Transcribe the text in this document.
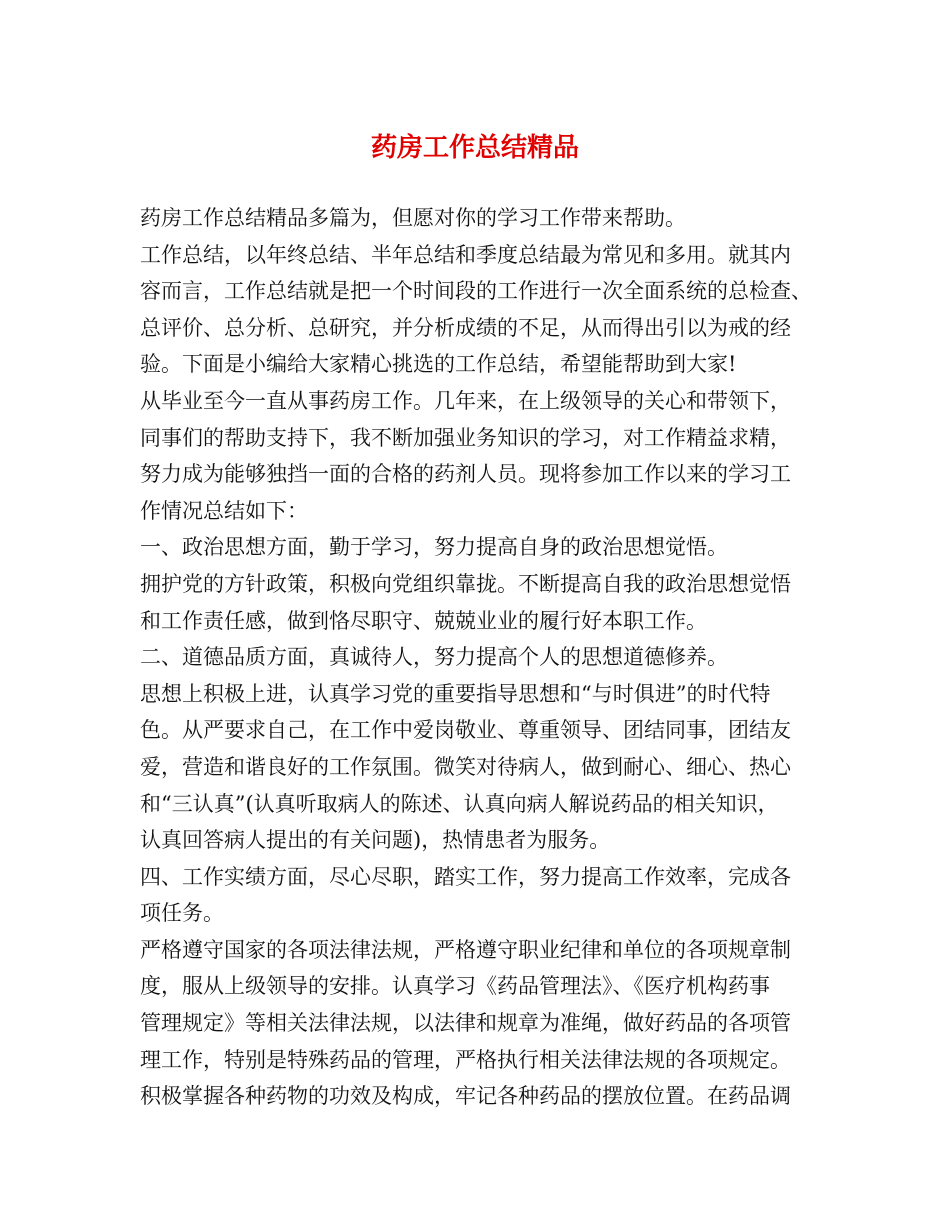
药房工作总结精品
药房工作总结精品多篇为，但愿对你的学习工作带来帮助。
工作总结，以年终总结、半年总结和季度总结最为常见和多用。就其内
容而言，工作总结就是把一个时间段的工作进行一次全面系统的总检查、
总评价、总分析、总研究，并分析成绩的不足，从而得出引以为戒的经
验。下面是小编给大家精心挑选的工作总结，希望能帮助到大家!
从毕业至今一直从事药房工作。几年来，在上级领导的关心和带领下，
同事们的帮助支持下，我不断加强业务知识的学习，对工作精益求精，
努力成为能够独挡一面的合格的药剂人员。现将参加工作以来的学习工
作情况总结如下：
一、政治思想方面，勤于学习，努力提高自身的政治思想觉悟。
拥护党的方针政策，积极向党组织靠拢。不断提高自我的政治思想觉悟
和工作责任感，做到恪尽职守、兢兢业业的履行好本职工作。
二、道德品质方面，真诚待人，努力提高个人的思想道德修养。
思想上积极上进，认真学习党的重要指导思想和“与时俱进”的时代特
色。从严要求自己，在工作中爱岗敬业、尊重领导、团结同事，团结友
爱，营造和谐良好的工作氛围。微笑对待病人，做到耐心、细心、热心
和“三认真”(认真听取病人的陈述、认真向病人解说药品的相关知识，
认真回答病人提出的有关问题)，热情患者为服务。
四、工作实绩方面，尽心尽职，踏实工作，努力提高工作效率，完成各
项任务。
严格遵守国家的各项法律法规，严格遵守职业纪律和单位的各项规章制
度，服从上级领导的安排。认真学习《药品管理法》、《医疗机构药事
管理规定》等相关法律法规，以法律和规章为准绳，做好药品的各项管
理工作，特别是特殊药品的管理，严格执行相关法律法规的各项规定。
积极掌握各种药物的功效及构成，牢记各种药品的摆放位置。在药品调
